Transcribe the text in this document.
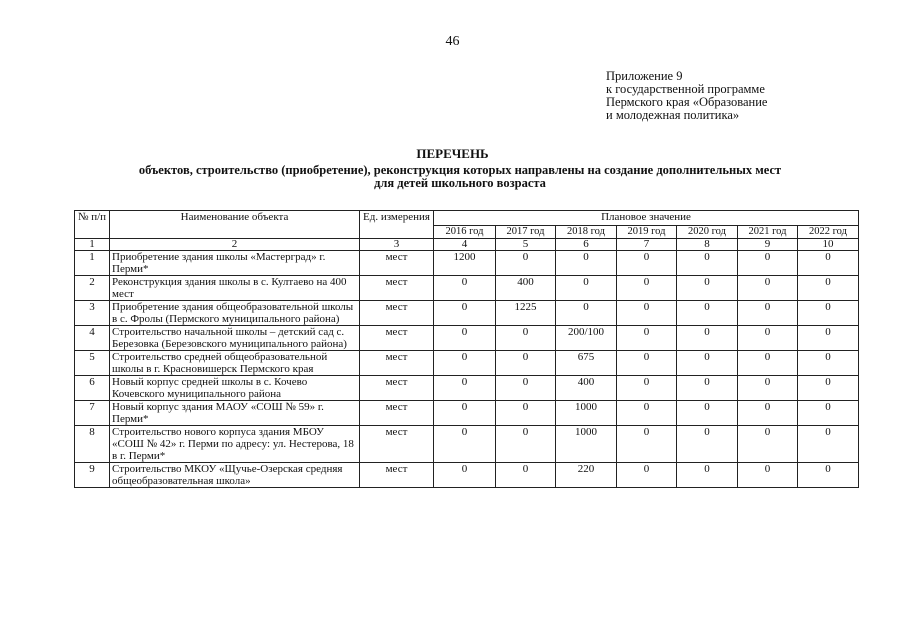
46
Приложение 9
к государственной программе
Пермского края «Образование
и молодежная политика»
ПЕРЕЧЕНЬ
объектов, строительство (приобретение), реконструкция которых направлены на создание дополнительных мест
для детей школьного возраста
№ п/п	Наименование объекта	Ед. измерения	Плановое значение						
			2016 год	2017 год	2018 год	2019 год	2020 год	2021 год	2022 год
1	2	3	4	5	6	7	8	9	10
1	Приобретение здания школы «Мастерград» г. Перми*	мест	1200	0	0	0	0	0	0
2	Реконструкция здания школы в с. Култаево на 400 мест	мест	0	400	0	0	0	0	0
3	Приобретение здания общеобразовательной школы в с. Фролы (Пермского муниципального района)	мест	0	1225	0	0	0	0	0
4	Строительство начальной школы – детский сад с. Березовка (Березовского муниципального района)	мест	0	0	200/100	0	0	0	0
5	Строительство средней общеобразовательной школы в г. Красновишерск Пермского края	мест	0	0	675	0	0	0	0
6	Новый корпус средней школы в с. Кочево Кочевского муниципального района	мест	0	0	400	0	0	0	0
7	Новый корпус здания МАОУ «СОШ № 59» г. Перми*	мест	0	0	1000	0	0	0	0
8	Строительство нового корпуса здания МБОУ «СОШ № 42» г. Перми по адресу: ул. Нестерова, 18 в г. Перми*	мест	0	0	1000	0	0	0	0
9	Строительство МКОУ «Щучье-Озерская средняя общеобразовательная школа»	мест	0	0	220	0	0	0	0
